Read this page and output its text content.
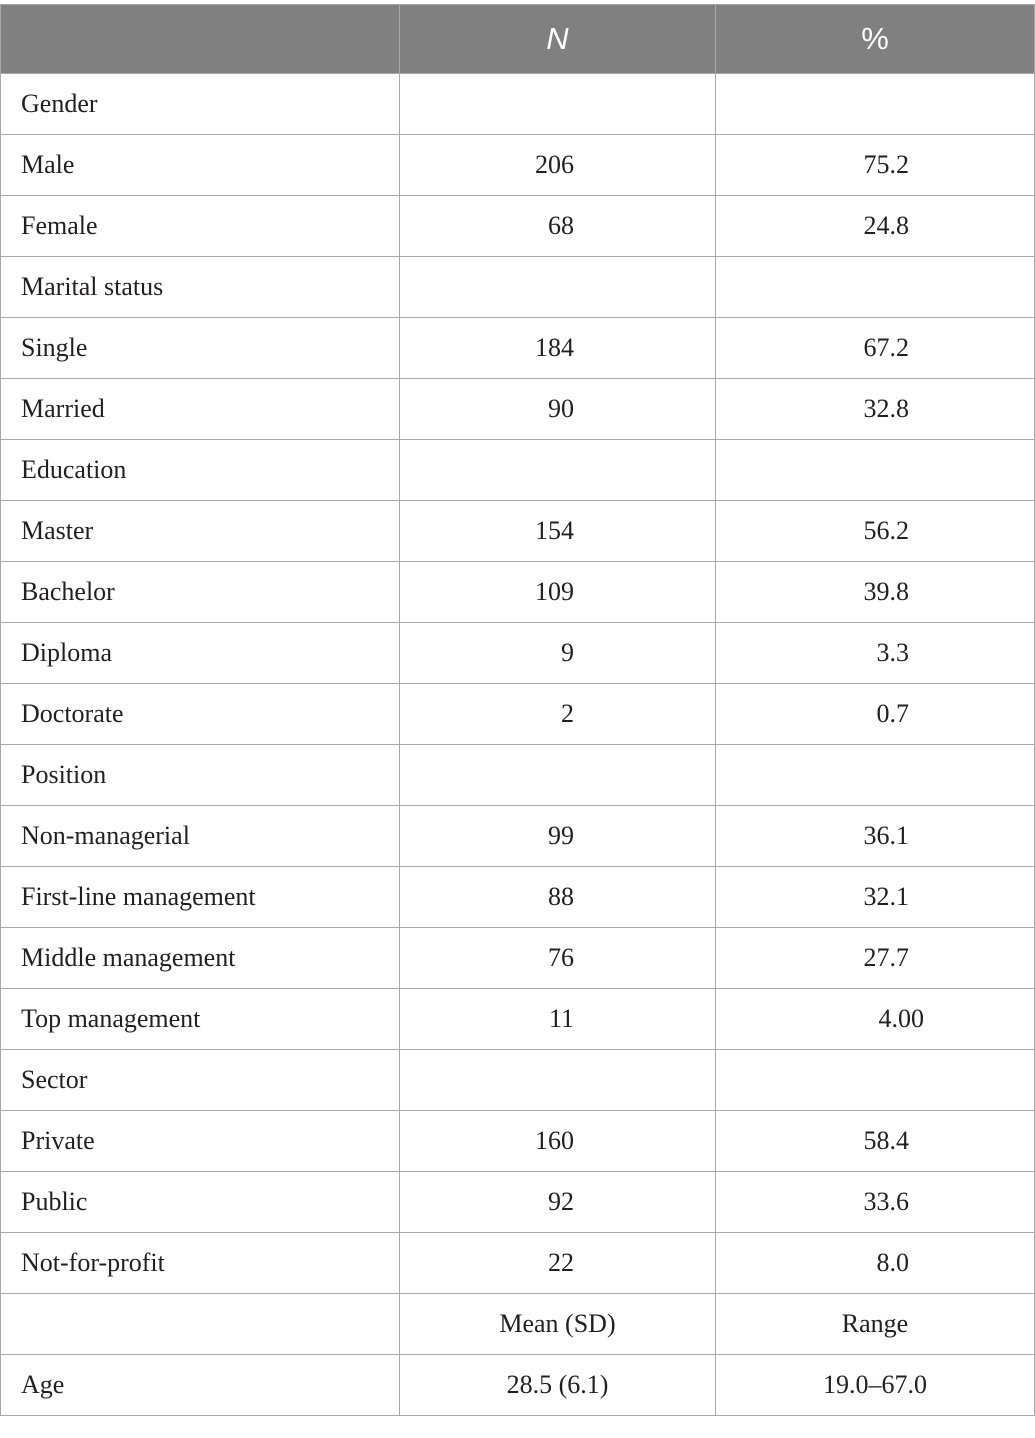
	N	%
Gender	

Male	206	75.2

Female	68	24.8

Marital status	

Single	184	67.2

Married	90	32.8

Education	

Master	154	56.2

Bachelor	109	39.8

Diploma	9	3.3

Doctorate	2	0.7

Position	

Non-managerial	99	36.1

First-line management	88	32.1

Middle management	76	27.7

Top management	11	4.00

Sector	

Private	160	58.4

Public	92	33.6

Not-for-profit	22	8.0

	Mean (SD)	Range
Age	28.5 (6.1)	19.0–67.0
